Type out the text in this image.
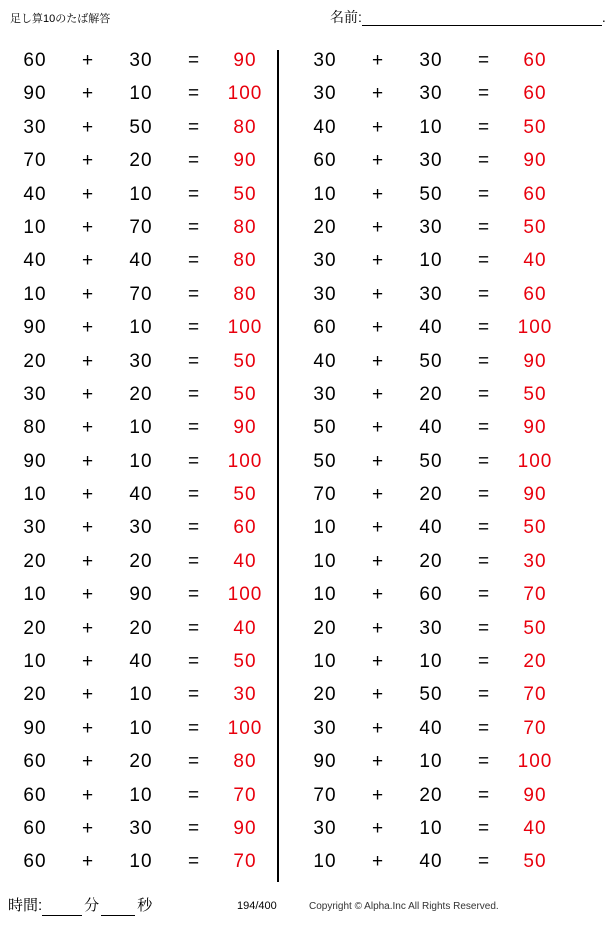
足し算10のたば解答	名前:	.
60	+	30	=	90
90	+	10	=	100
30	+	50	=	80
70	+	20	=	90
40	+	10	=	50
10	+	70	=	80
40	+	40	=	80
10	+	70	=	80
90	+	10	=	100
20	+	30	=	50
30	+	20	=	50
80	+	10	=	90
90	+	10	=	100
10	+	40	=	50
30	+	30	=	60
20	+	20	=	40
10	+	90	=	100
20	+	20	=	40
10	+	40	=	50
20	+	10	=	30
90	+	10	=	100
60	+	20	=	80
60	+	10	=	70
60	+	30	=	90
60	+	10	=	70
30	+	30	=	60
30	+	30	=	60
40	+	10	=	50
60	+	30	=	90
10	+	50	=	60
20	+	30	=	50
30	+	10	=	40
30	+	30	=	60
60	+	40	=	100
40	+	50	=	90
30	+	20	=	50
50	+	40	=	90
50	+	50	=	100
70	+	20	=	90
10	+	40	=	50
10	+	20	=	30
10	+	60	=	70
20	+	30	=	50
10	+	10	=	20
20	+	50	=	70
30	+	40	=	70
90	+	10	=	100
70	+	20	=	90
30	+	10	=	40
10	+	40	=	50
時間:	分	秒	194/400	Copyright © Alpha.Inc All Rights Reserved.
